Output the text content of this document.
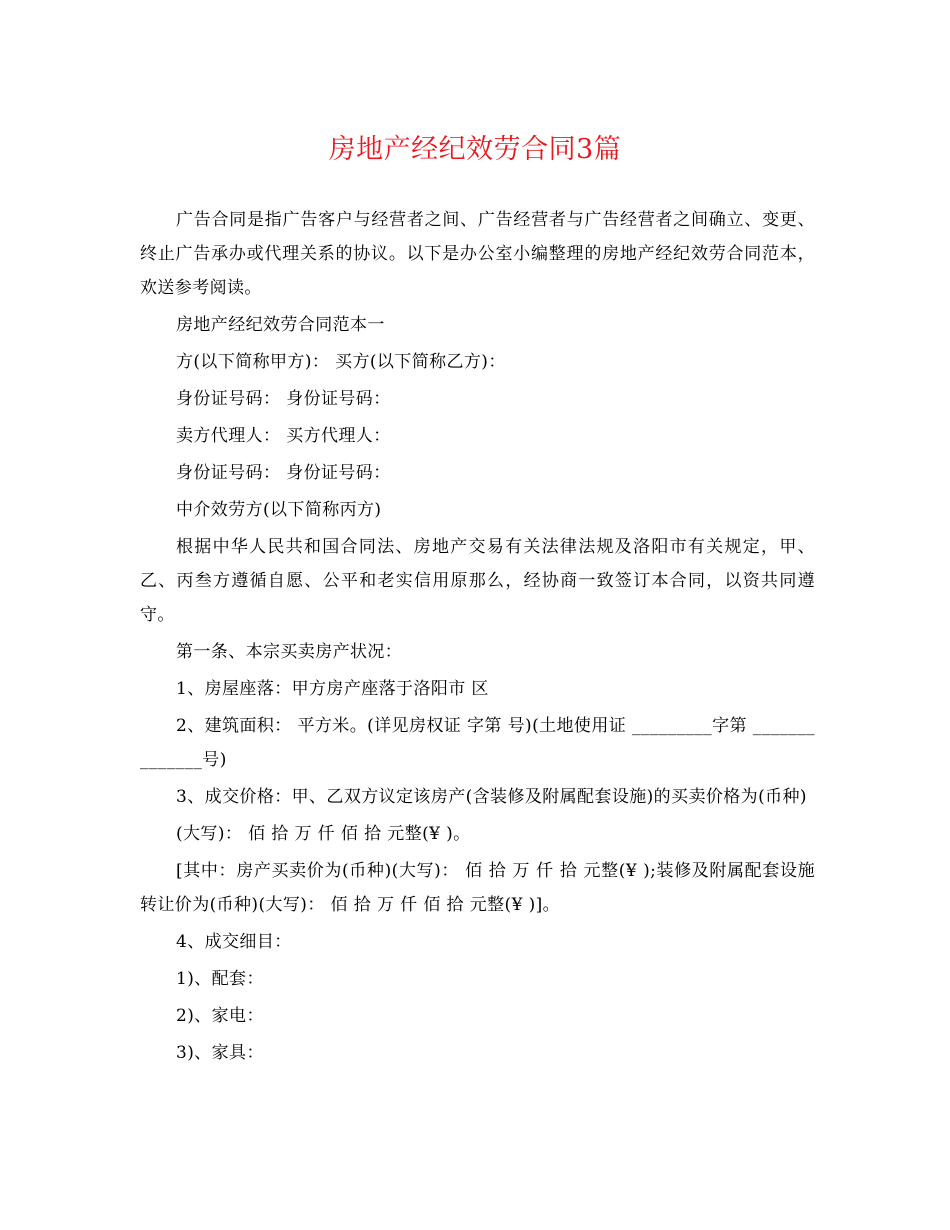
房地产经纪效劳合同3篇

广告合同是指广告客户与经营者之间、广告经营者与广告经营者之间确立、变更、终止广告承办或代理关系的协议。以下是办公室小编整理的房地产经纪效劳合同范本，欢送参考阅读。

房地产经纪效劳合同范本一

方(以下简称甲方)： 买方(以下简称乙方)：

身份证号码： 身份证号码：

卖方代理人： 买方代理人：

身份证号码： 身份证号码：

中介效劳方(以下简称丙方)

根据中华人民共和国合同法、房地产交易有关法律法规及洛阳市有关规定，甲、乙、丙叁方遵循自愿、公平和老实信用原那么，经协商一致签订本合同，以资共同遵守。

第一条、本宗买卖房产状况：

1、房屋座落：甲方房产座落于洛阳市 区

2、建筑面积： 平方米。(详见房权证 字第 号)(土地使用证 _________字第 ______________号)

3、成交价格：甲、乙双方议定该房产(含装修及附属配套设施)的买卖价格为(币种)

(大写)： 佰 拾 万 仟 佰 拾 元整(¥ )。

[其中：房产买卖价为(币种)(大写)： 佰 拾 万 仟 拾 元整(¥ );装修及附属配套设施转让价为(币种)(大写)： 佰 拾 万 仟 佰 拾 元整(¥ )]。

4、成交细目：

1)、配套：

2)、家电：

3)、家具：
